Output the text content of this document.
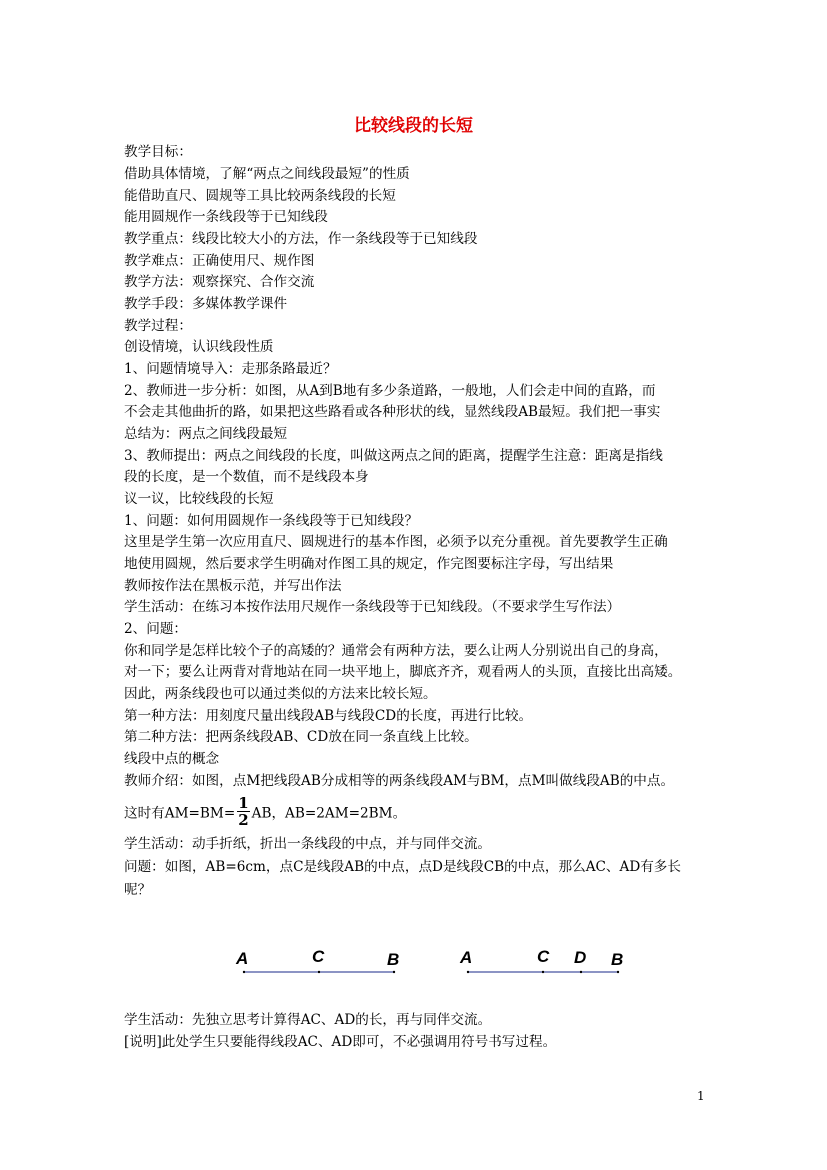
比较线段的长短
教学目标：
借助具体情境，了解“两点之间线段最短”的性质
能借助直尺、圆规等工具比较两条线段的长短
能用圆规作一条线段等于已知线段
教学重点：线段比较大小的方法，作一条线段等于已知线段
教学难点：正确使用尺、规作图
教学方法：观察探究、合作交流
教学手段：多媒体教学课件
教学过程：
创设情境，认识线段性质
1、问题情境导入：走那条路最近？
2、教师进一步分析：如图，从A到B地有多少条道路，一般地，人们会走中间的直路，而
不会走其他曲折的路，如果把这些路看或各种形状的线，显然线段AB最短。我们把一事实
总结为：两点之间线段最短
3、教师提出：两点之间线段的长度，叫做这两点之间的距离，提醒学生注意：距离是指线
段的长度，是一个数值，而不是线段本身
议一议，比较线段的长短
1、问题：如何用圆规作一条线段等于已知线段？
这里是学生第一次应用直尺、圆规进行的基本作图，必须予以充分重视。首先要教学生正确
地使用圆规，然后要求学生明确对作图工具的规定，作完图要标注字母，写出结果
教师按作法在黑板示范，并写出作法
学生活动：在练习本按作法用尺规作一条线段等于已知线段。（不要求学生写作法）
2、问题：
你和同学是怎样比较个子的高矮的？通常会有两种方法，要么让两人分别说出自己的身高，
对一下；要么让两背对背地站在同一块平地上，脚底齐齐，观看两人的头顶，直接比出高矮。
因此，两条线段也可以通过类似的方法来比较长短。
第一种方法：用刻度尺量出线段AB与线段CD的长度，再进行比较。
第二种方法：把两条线段AB、CD放在同一条直线上比较。
线段中点的概念
教师介绍：如图，点M把线段AB分成相等的两条线段AM与BM，点M叫做线段AB的中点。
这时有$AM=BM= \frac{1}{2}$ AB，AB=2AM=2BM。
学生活动：动手折纸，折出一条线段的中点，并与同伴交流。
问题：如图，AB=6cm，点C是线段AB的中点，点D是线段CB的中点，那么AC、AD有多长
呢？
A	C	B	A	C D B
学生活动：先独立思考计算得AC、AD的长，再与同伴交流。
[说明]此处学生只要能得线段AC、AD即可，不必强调用符号书写过程。
1
